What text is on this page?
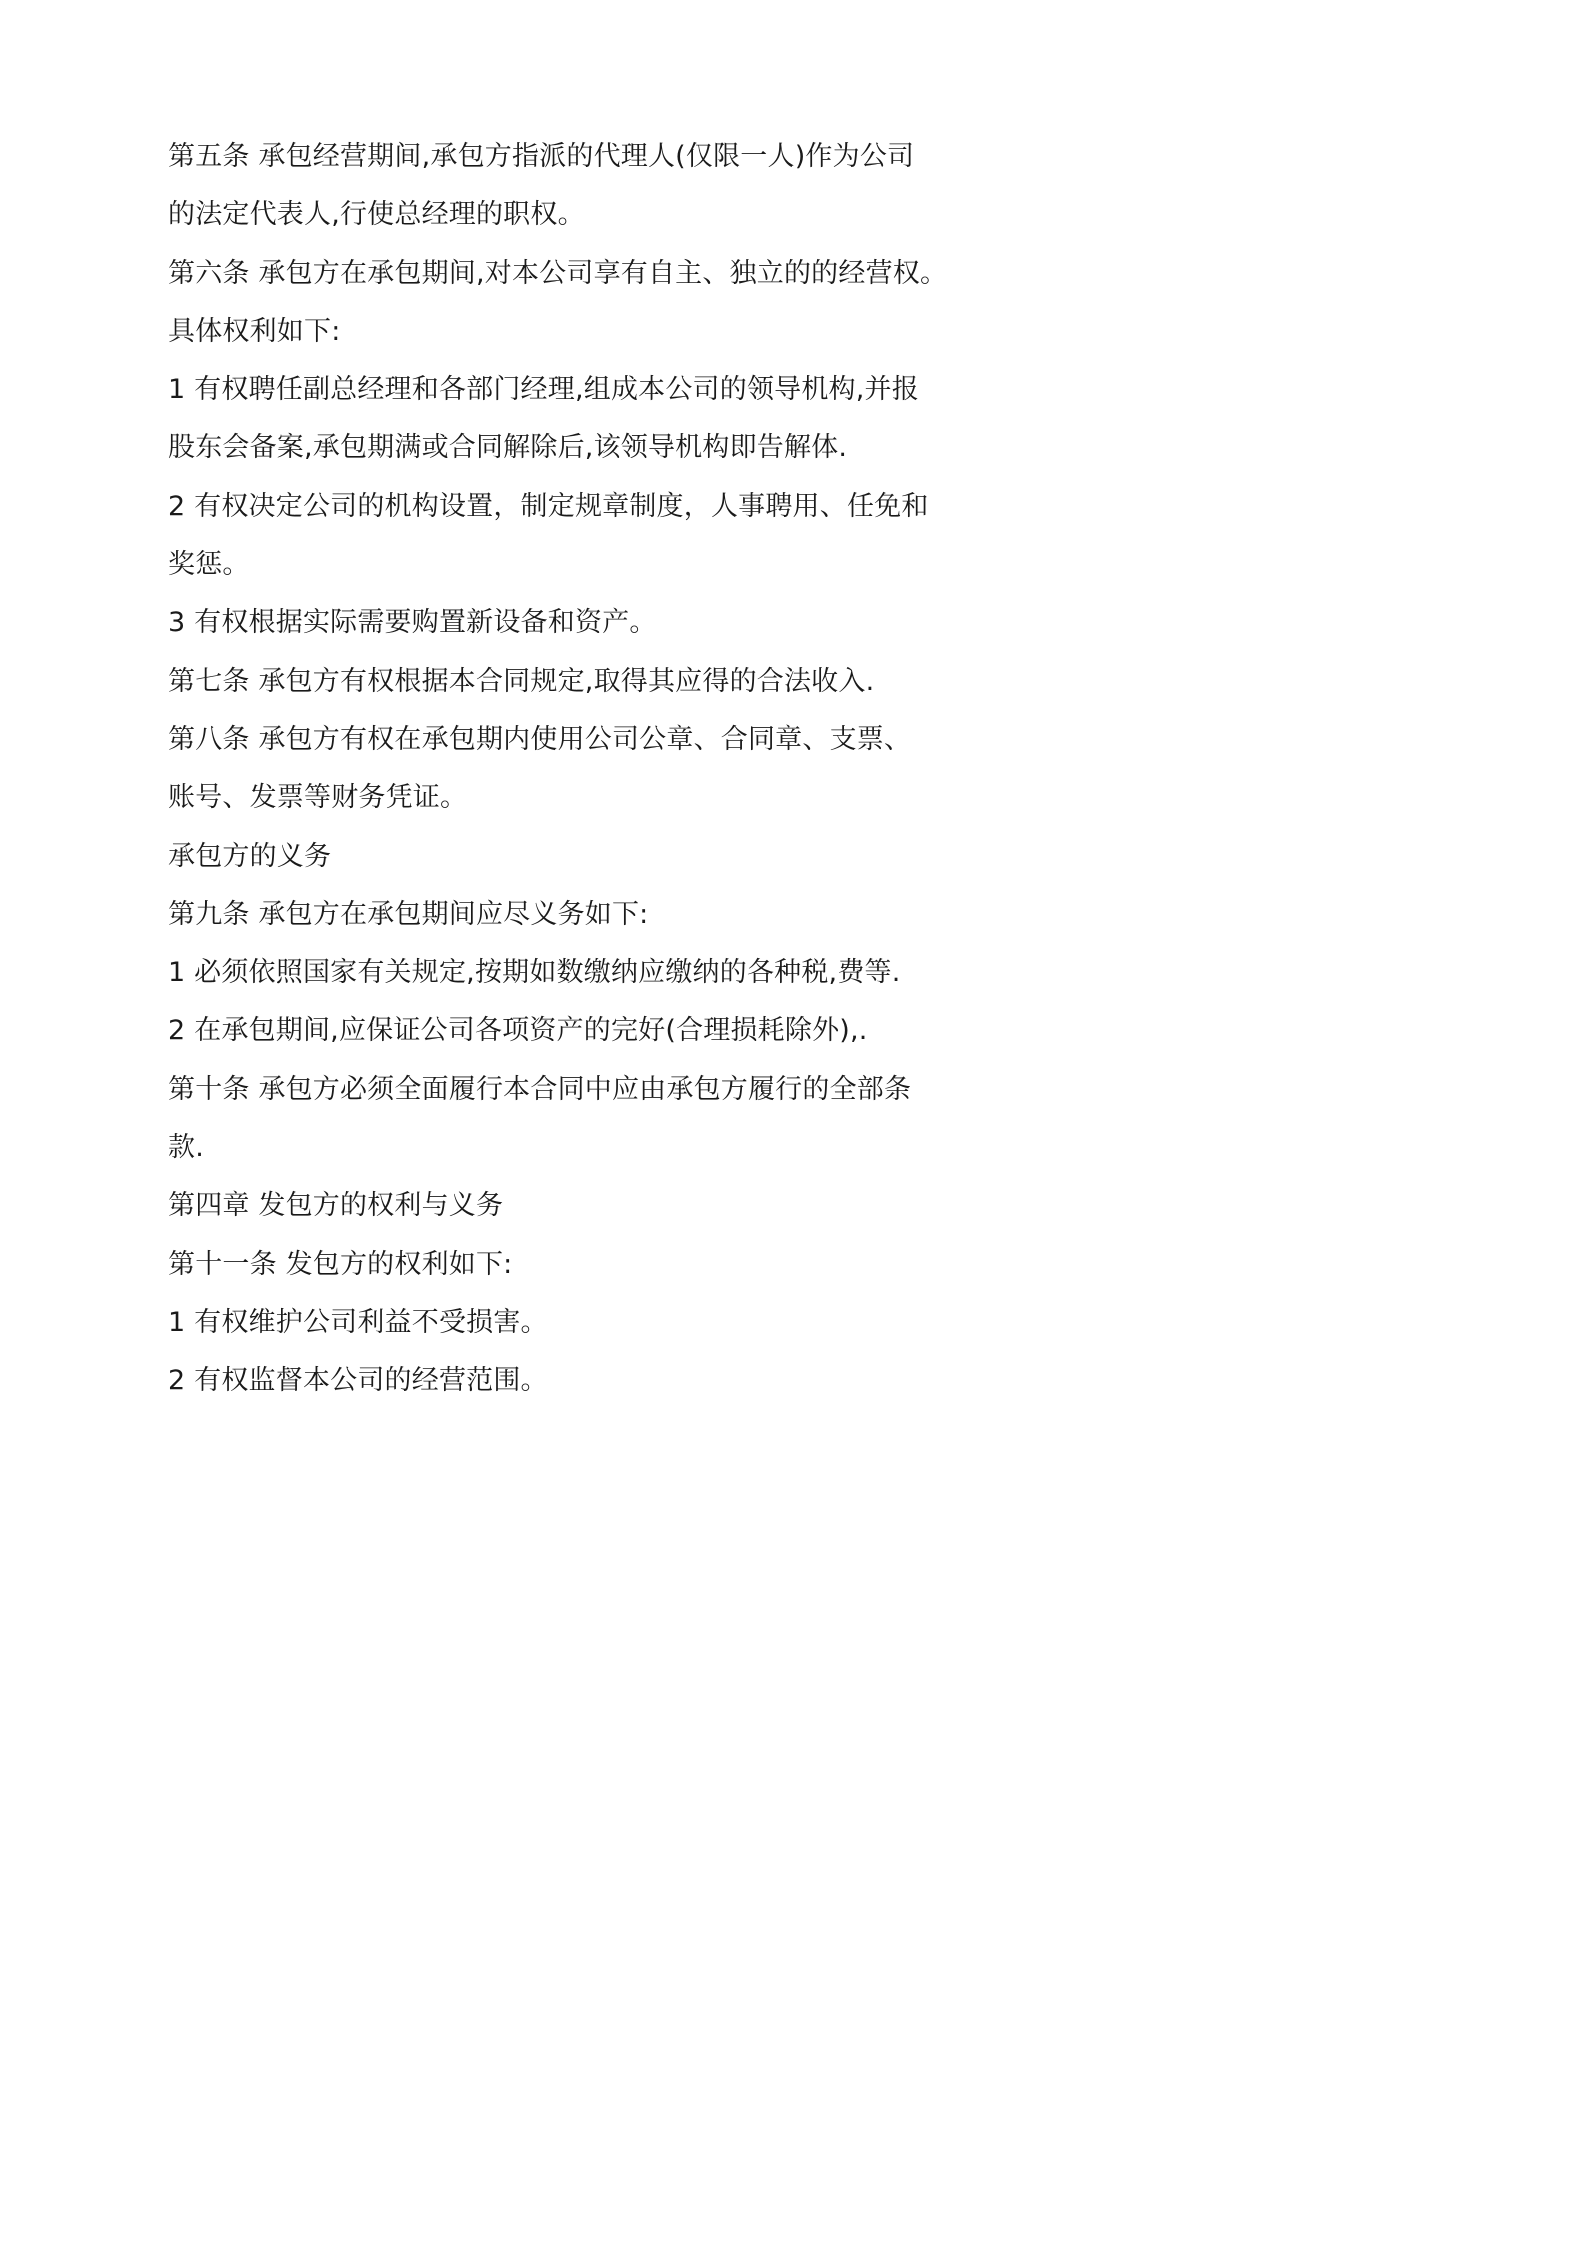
第五条 承包经营期间,承包方指派的代理人(仅限一人)作为公司
的法定代表人,行使总经理的职权。
第六条 承包方在承包期间,对本公司享有自主、独立的的经营权。
具体权利如下:
1 有权聘任副总经理和各部门经理,组成本公司的领导机构,并报
股东会备案,承包期满或合同解除后,该领导机构即告解体.
2 有权决定公司的机构设置，制定规章制度，人事聘用、任免和
奖惩。
3 有权根据实际需要购置新设备和资产。
第七条 承包方有权根据本合同规定,取得其应得的合法收入.
第八条 承包方有权在承包期内使用公司公章、合同章、支票、
账号、发票等财务凭证。
承包方的义务
第九条 承包方在承包期间应尽义务如下:
1 必须依照国家有关规定,按期如数缴纳应缴纳的各种税,费等.
2 在承包期间,应保证公司各项资产的完好(合理损耗除外),.
第十条 承包方必须全面履行本合同中应由承包方履行的全部条
款.
第四章 发包方的权利与义务
第十一条 发包方的权利如下:
1 有权维护公司利益不受损害。
2 有权监督本公司的经营范围。
